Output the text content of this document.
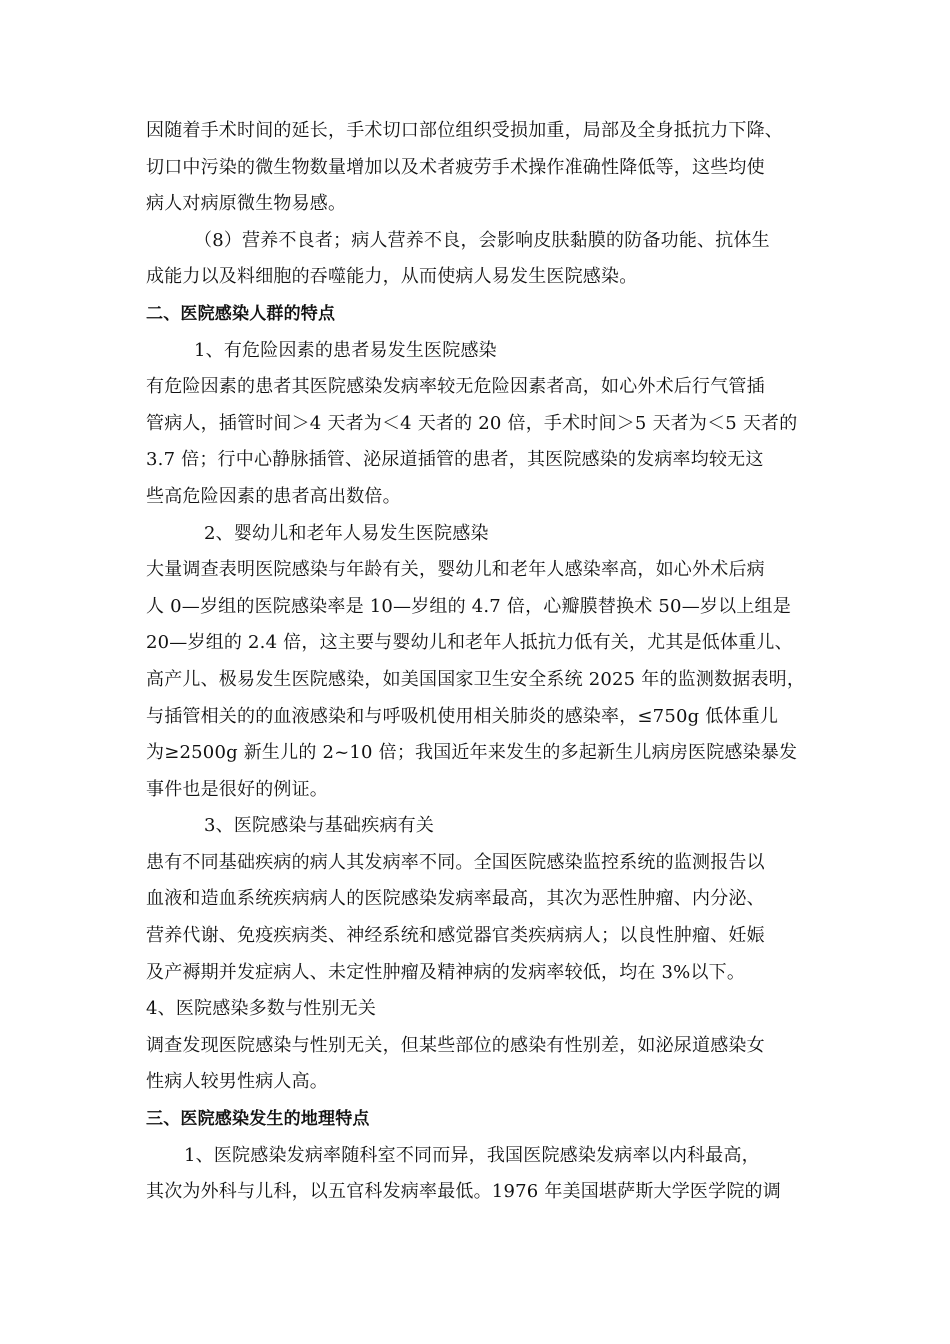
因随着手术时间的延长，手术切口部位组织受损加重，局部及全身抵抗力下降、
切口中污染的微生物数量增加以及术者疲劳手术操作准确性降低等，这些均使
病人对病原微生物易感。
（8）营养不良者；病人营养不良，会影响皮肤黏膜的防备功能、抗体生
成能力以及料细胞的吞噬能力，从而使病人易发生医院感染。
二、医院感染人群的特点
1、有危险因素的患者易发生医院感染
有危险因素的患者其医院感染发病率较无危险因素者高，如心外术后行气管插
管病人，插管时间＞4 天者为＜4 天者的 20 倍，手术时间＞5 天者为＜5 天者的
3.7 倍；行中心静脉插管、泌尿道插管的患者，其医院感染的发病率均较无这
些高危险因素的患者高出数倍。
2、婴幼儿和老年人易发生医院感染
大量调查表明医院感染与年龄有关，婴幼儿和老年人感染率高，如心外术后病
人 0—岁组的医院感染率是 10—岁组的 4.7 倍，心瓣膜替换术 50—岁以上组是
20—岁组的 2.4 倍，这主要与婴幼儿和老年人抵抗力低有关，尤其是低体重儿、
高产儿、极易发生医院感染，如美国国家卫生安全系统 2025 年的监测数据表明，
与插管相关的的血液感染和与呼吸机使用相关肺炎的感染率，≤750g 低体重儿
为≥2500g 新生儿的 2~10 倍；我国近年来发生的多起新生儿病房医院感染暴发
事件也是很好的例证。
3、医院感染与基础疾病有关
患有不同基础疾病的病人其发病率不同。全国医院感染监控系统的监测报告以
血液和造血系统疾病病人的医院感染发病率最高，其次为恶性肿瘤、内分泌、
营养代谢、免疫疾病类、神经系统和感觉器官类疾病病人；以良性肿瘤、妊娠
及产褥期并发症病人、未定性肿瘤及精神病的发病率较低，均在 3%以下。
4、医院感染多数与性别无关
调查发现医院感染与性别无关，但某些部位的感染有性别差，如泌尿道感染女
性病人较男性病人高。
三、医院感染发生的地理特点
1、医院感染发病率随科室不同而异，我国医院感染发病率以内科最高，
其次为外科与儿科，以五官科发病率最低。1976 年美国堪萨斯大学医学院的调
